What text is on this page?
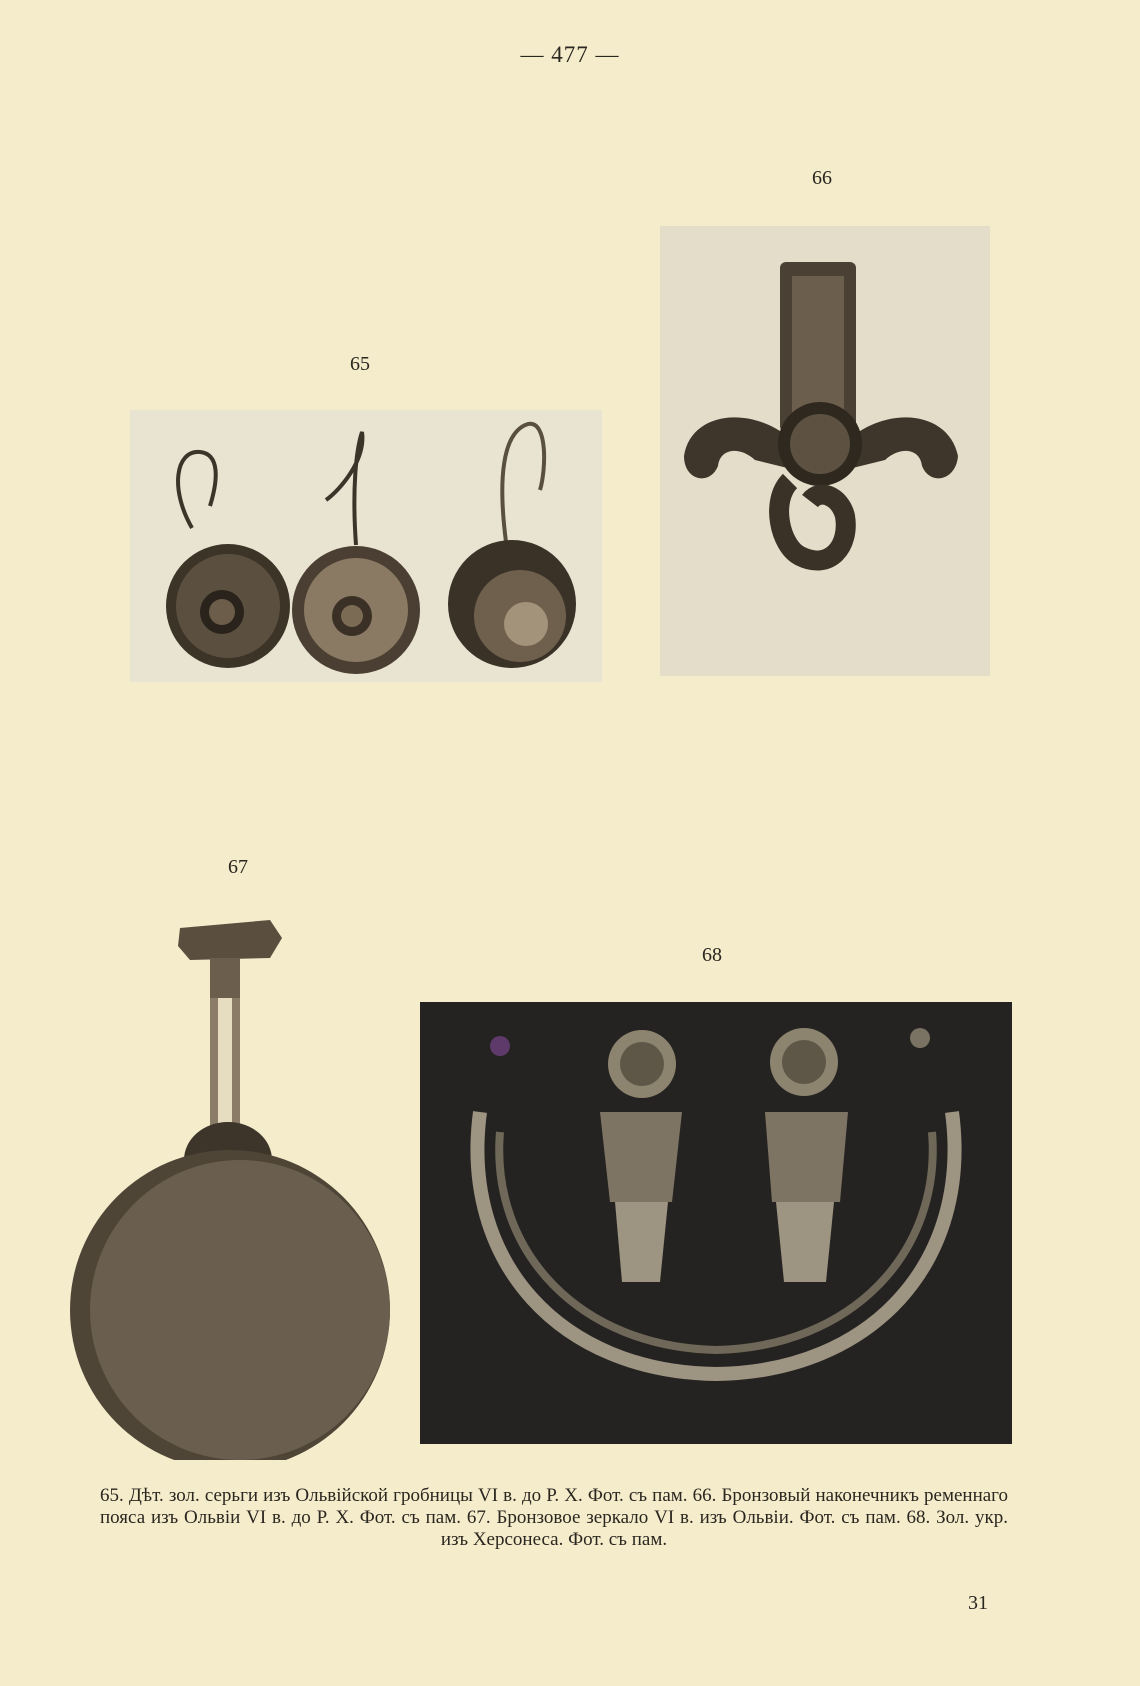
— 477 —
65
66
67
68
65. Дѣт. зол. серьги изъ Ольвійской гробницы VI в. до Р. Х. Фот. съ пам. 66. Бронзовый наконечникъ ременнаго пояса изъ Ольвіи VI в. до Р. Х. Фот. съ пам. 67. Бронзовое зеркало VI в. изъ Ольвіи. Фот. съ пам. 68. Зол. укр. изъ Херсонеса. Фот. съ пам.
31
